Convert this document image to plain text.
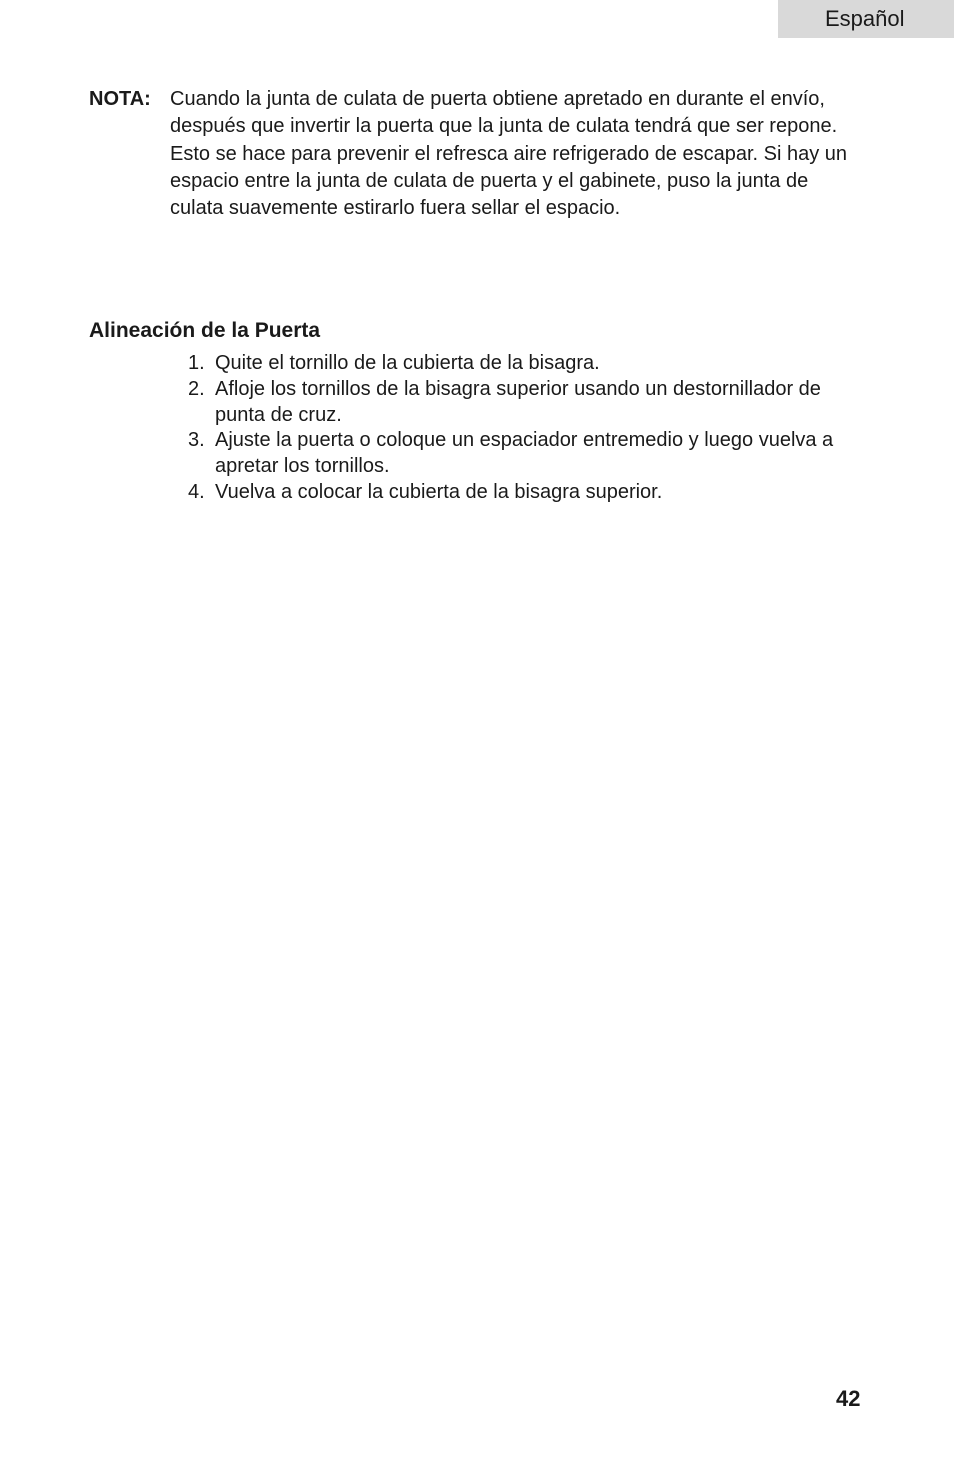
Español
NOTA: Cuando la junta de culata de puerta obtiene apretado en durante el envío, después que invertir la puerta que la junta de culata tendrá que ser repone. Esto se hace para prevenir el refresca aire refrigerado de escapar. Si hay un espacio entre la junta de culata de puerta y el gabinete, puso la junta de culata suavemente estirarlo fuera sellar el espacio.
Alineación de la Puerta
1. Quite el tornillo de la cubierta de la bisagra.
2. Afloje los tornillos de la bisagra superior usando un destornillador de punta de cruz.
3. Ajuste la puerta o coloque un espaciador entremedio y luego vuelva a apretar los tornillos.
4. Vuelva a colocar la cubierta de la bisagra superior.
42
